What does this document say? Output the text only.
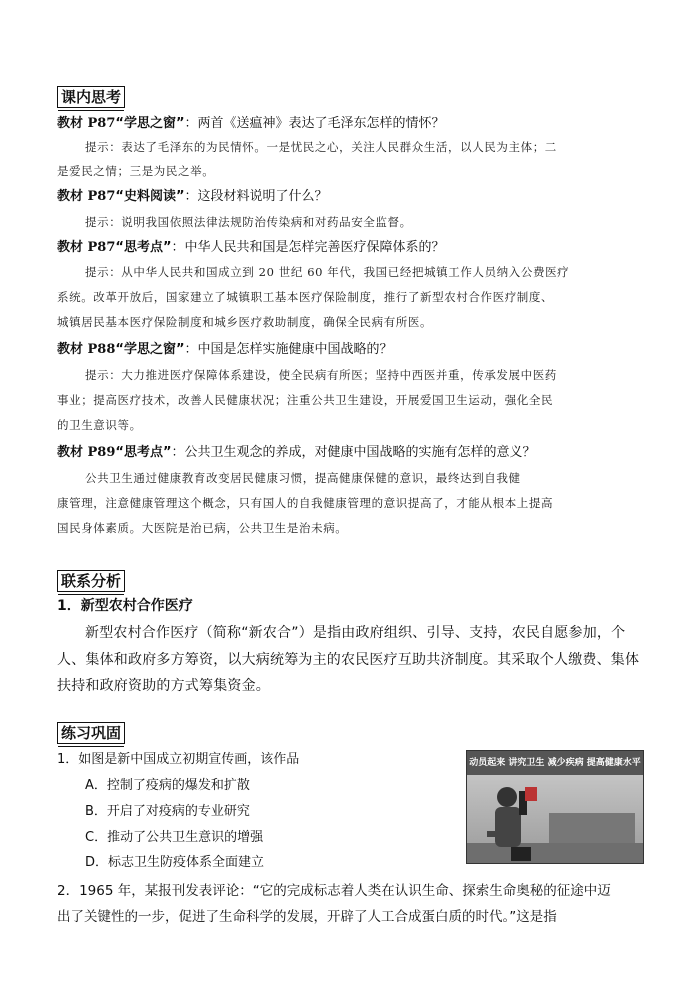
课内思考
教材 P87“学思之窗”：两首《送瘟神》表达了毛泽东怎样的情怀？
提示：表达了毛泽东的为民情怀。一是忧民之心，关注人民群众生活，以人民为主体；二
是爱民之情；三是为民之举。
教材 P87“史料阅读”：这段材料说明了什么？
提示：说明我国依照法律法规防治传染病和对药品安全监督。
教材 P87“思考点”：中华人民共和国是怎样完善医疗保障体系的？
提示：从中华人民共和国成立到 20 世纪 60 年代，我国已经把城镇工作人员纳入公费医疗
系统。改革开放后，国家建立了城镇职工基本医疗保险制度，推行了新型农村合作医疗制度、
城镇居民基本医疗保险制度和城乡医疗救助制度，确保全民病有所医。
教材 P88“学思之窗”：中国是怎样实施健康中国战略的？
提示：大力推进医疗保障体系建设，使全民病有所医；坚持中西医并重，传承发展中医药
事业；提高医疗技术，改善人民健康状况；注重公共卫生建设，开展爱国卫生运动，强化全民
的卫生意识等。
教材 P89“思考点”：公共卫生观念的养成，对健康中国战略的实施有怎样的意义？
公共卫生通过健康教育改变居民健康习惯，提高健康保健的意识，最终达到自我健
康管理，注意健康管理这个概念，只有国人的自我健康管理的意识提高了，才能从根本上提高
国民身体素质。大医院是治已病，公共卫生是治未病。
联系分析
1．新型农村合作医疗
新型农村合作医疗（简称“新农合”）是指由政府组织、引导、支持，农民自愿参加，个
人、集体和政府多方筹资，以大病统筹为主的农民医疗互助共济制度。其采取个人缴费、集体
扶持和政府资助的方式筹集资金。
练习巩固
1．如图是新中国成立初期宣传画，该作品
A．控制了疫病的爆发和扩散
B．开启了对疫病的专业研究
C．推动了公共卫生意识的增强
D．标志卫生防疫体系全面建立
动员起来 讲究卫生 减少疾病 提高健康水平
2．1965 年，某报刊发表评论：“它的完成标志着人类在认识生命、探索生命奥秘的征途中迈
出了关键性的一步，促进了生命科学的发展，开辟了人工合成蛋白质的时代。”这是指
